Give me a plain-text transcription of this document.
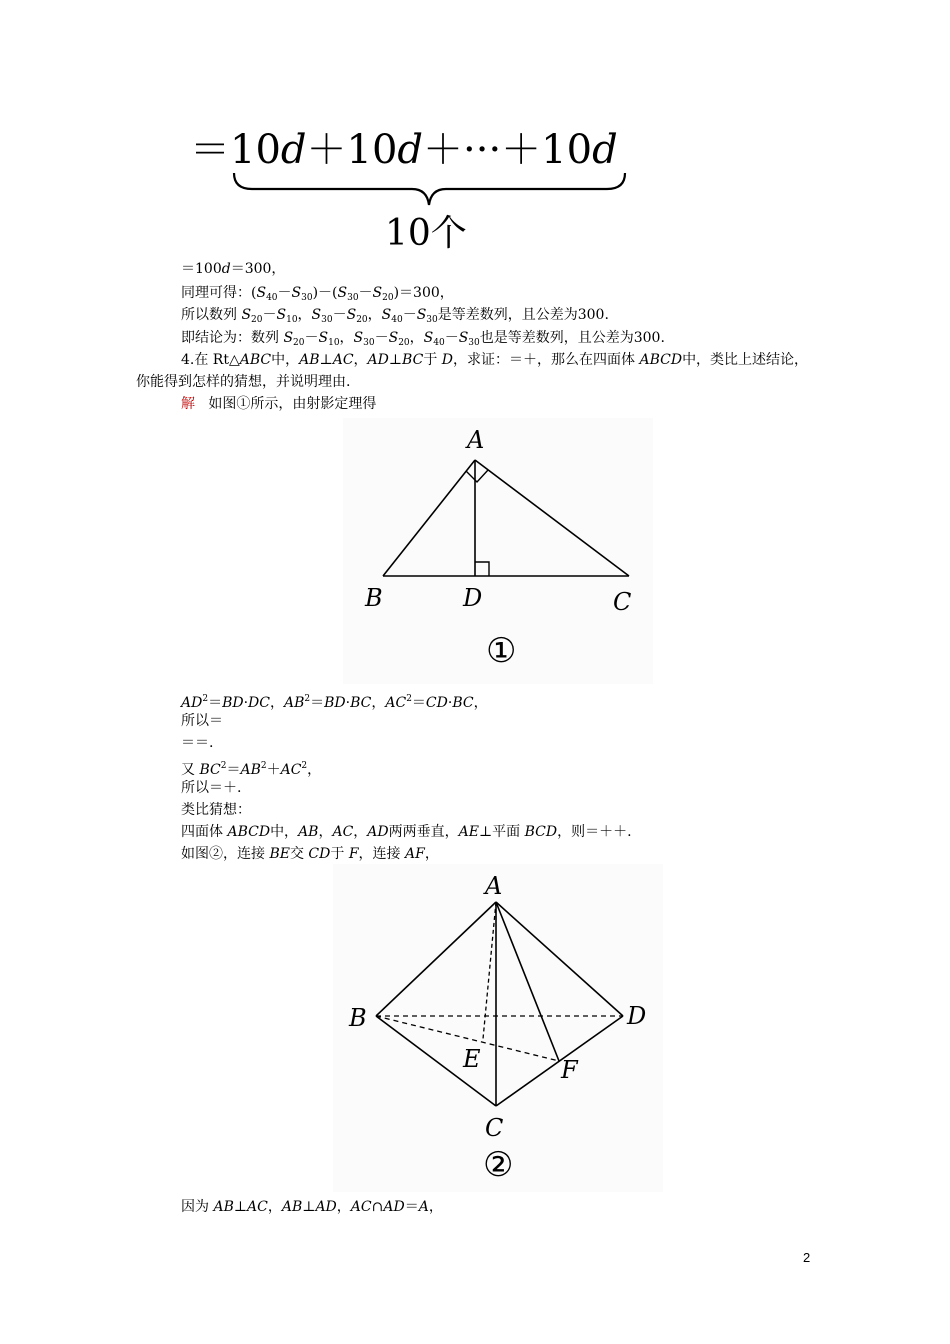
＝10d＋10d＋···＋10d
10个
＝100d＝300，
同理可得：$(S_{40}-S_{30})-(S_{30}-S_{20})=300$，
所以数列 $S_{20}-S_{10}$，$S_{30}-S_{20}$，$S_{40}-S_{30}$是等差数列，且公差为300.
即结论为：数列 $S_{20}-S_{10}$，$S_{30}-S_{20}$，$S_{40}-S_{30}$也是等差数列，且公差为300.
4.在 Rt△ABC中，AB⊥AC，AD⊥BC于 D，求证：＝＋，那么在四面体 ABCD中，类比上述结论，
你能得到怎样的猜想，并说明理由.
解 如图①所示，由射影定理得
A
B	D	C
①
$AD^2=BD\cdot DC$，$AB^2=BD\cdot BC$，$AC^2=CD\cdot BC$，
所以＝
＝＝.
又 $BC^2=AB^2+AC^2$，
所以＝＋.
类比猜想：
四面体 ABCD中，AB，AC，AD两两垂直，AE⊥平面 BCD，则＝＋＋.
如图②，连接 BE交 CD于 F，连接 AF，
A
B	D
E	F
C
②
因为 AB⊥AC，AB⊥AD，AC∩AD＝A，
2
